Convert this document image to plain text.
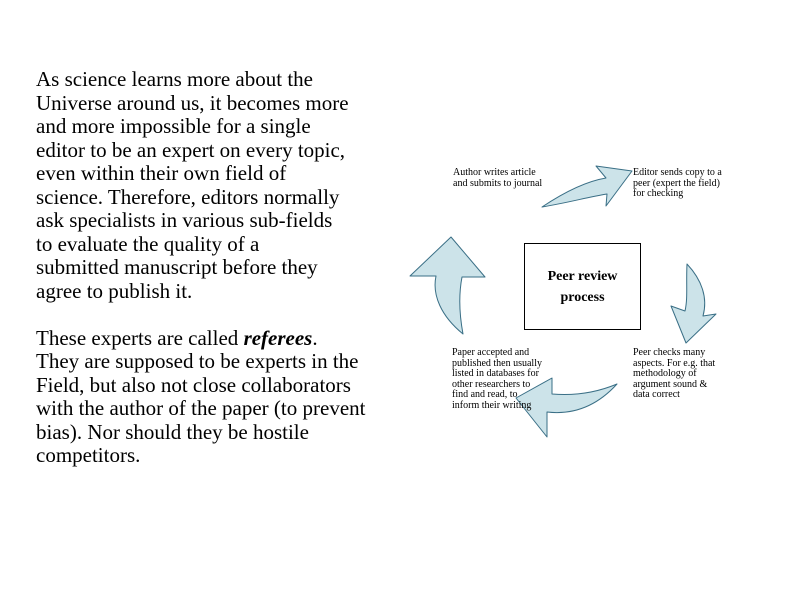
As science learns more about the
Universe around us, it becomes more
and more impossible for a single
editor to be an expert on every topic,
even within their own field of
science. Therefore, editors normally
ask specialists in various sub-fields
to evaluate the quality of a
submitted manuscript before they
agree to publish it.

These experts are called referees.
They are supposed to be experts in the
Field, but also not close collaborators
with the author of the paper (to prevent
bias). Nor should they be hostile
competitors.

Author writes article and submits to journal
Editor sends copy to a peer (expert the field) for checking
Peer checks many aspects. For e.g. that methodology of argument sound & data correct
Paper accepted and published then usually listed in databases for other researchers to find and read, to inform their writing
Peer review process
